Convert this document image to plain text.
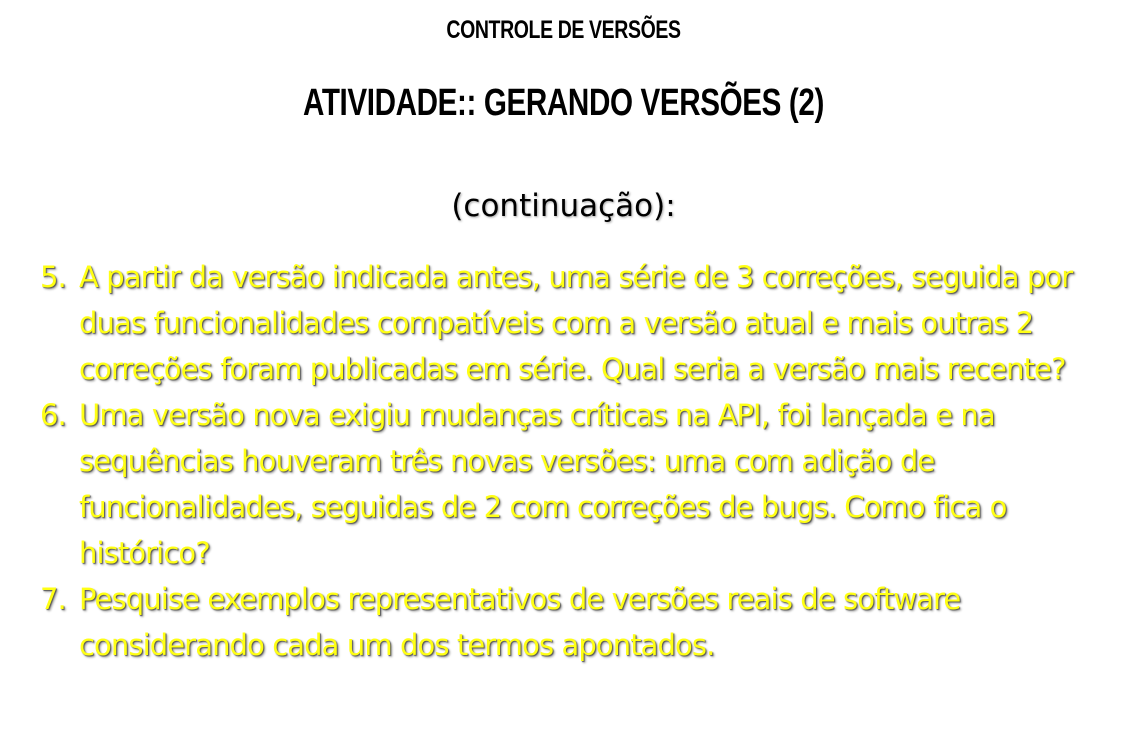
CONTROLE DE VERSÕES
ATIVIDADE:: GERANDO VERSÕES (2)
(continuação):
5. A partir da versão indicada antes, uma série de 3 correções, seguida por duas funcionalidades compatíveis com a versão atual e mais outras 2 correções foram publicadas em série. Qual seria a versão mais recente?
6. Uma versão nova exigiu mudanças críticas na API, foi lançada e na sequências houveram três novas versões: uma com adição de funcionalidades, seguidas de 2 com correções de bugs. Como fica o histórico?
7. Pesquise exemplos representativos de versões reais de software considerando cada um dos termos apontados.
